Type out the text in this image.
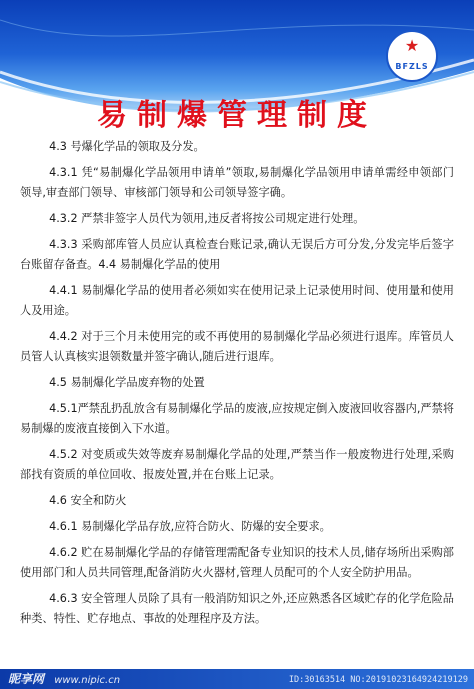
★
BFZLS
易制爆管理制度

4.3 号爆化学品的领取及分发。

4.3.1 凭“易制爆化学品领用申请单”领取,易制爆化学品领用申请单需经申领部门领导,审查部门领导、审核部门领导和公司领导签字确。

4.3.2 严禁非签字人员代为领用,违反者将按公司规定进行处理。

4.3.3 采购部库管人员应认真检查台账记录,确认无误后方可分发,分发完毕后签字台账留存备查。4.4 易制爆化学品的使用

4.4.1 易制爆化学品的使用者必须如实在使用记录上记录使用时间、使用量和使用人及用途。

4.4.2 对于三个月未使用完的或不再使用的易制爆化学品必须进行退库。库管员人员管人认真核实退领数量并签字确认,随后进行退库。

4.5 易制爆化学品废弃物的处置

4.5.1严禁乱扔乱放含有易制爆化学品的废液,应按规定倒入废液回收容器内,严禁将易制爆的废液直接倒入下水道。

4.5.2 对变质或失效等废弃易制爆化学品的处理,严禁当作一般废物进行处理,采购部找有资质的单位回收、报废处置,并在台账上记录。

4.6 安全和防火

4.6.1 易制爆化学品存放,应符合防火、防爆的安全要求。

4.6.2 贮在易制爆化学品的存储管理需配备专业知识的技术人员,储存场所出采购部使用部门和人员共同管理,配备消防火火器材,管理人员配可的个人安全防护用品。

4.6.3 安全管理人员除了具有一般消防知识之外,还应熟悉各区域贮存的化学危险品种类、特性、贮存地点、事故的处理程序及方法。

昵享网 www.nipic.cn	ID:30163514 NO:20191023164924219129
